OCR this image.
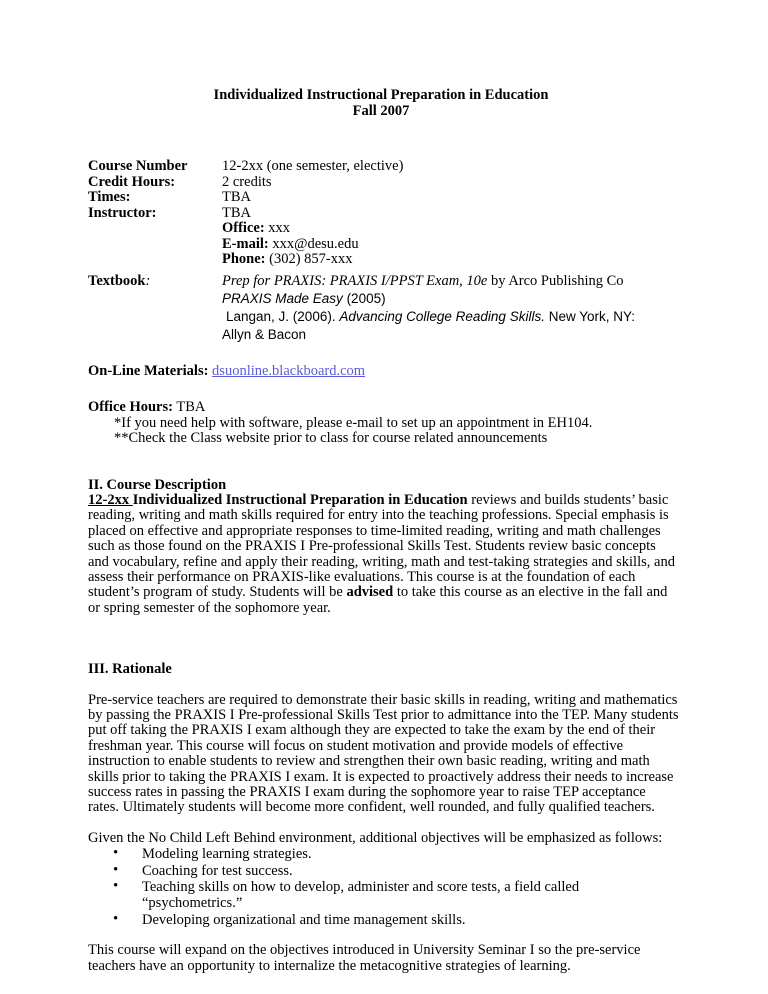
Individualized Instructional Preparation in Education
Fall 2007
Course Number	12-2xx (one semester, elective)
Credit Hours:	2 credits
Times:	TBA
Instructor:	TBA
Office: xxx
E-mail: xxx@desu.edu
Phone: (302) 857-xxx
Textbook:	Prep for PRAXIS: PRAXIS I/PPST Exam, 10e by Arco Publishing Co
PRAXIS Made Easy (2005)
Langan, J. (2006). Advancing College Reading Skills. New York, NY:
Allyn & Bacon
On-Line Materials: dsuonline.blackboard.com
Office Hours: TBA
*If you need help with software, please e-mail to set up an appointment in EH104.
**Check the Class website prior to class for course related announcements
II. Course Description
12-2xx Individualized Instructional Preparation in Education reviews and builds students’ basic reading, writing and math skills required for entry into the teaching professions. Special emphasis is placed on effective and appropriate responses to time-limited reading, writing and math challenges such as those found on the PRAXIS I Pre-professional Skills Test. Students review basic concepts and vocabulary, refine and apply their reading, writing, math and test-taking strategies and skills, and assess their performance on PRAXIS-like evaluations. This course is at the foundation of each student’s program of study. Students will be advised to take this course as an elective in the fall and or spring semester of the sophomore year.
III. Rationale
Pre-service teachers are required to demonstrate their basic skills in reading, writing and mathematics by passing the PRAXIS I Pre-professional Skills Test prior to admittance into the TEP. Many students put off taking the PRAXIS I exam although they are expected to take the exam by the end of their freshman year. This course will focus on student motivation and provide models of effective instruction to enable students to review and strengthen their own basic reading, writing and math skills prior to taking the PRAXIS I exam. It is expected to proactively address their needs to increase success rates in passing the PRAXIS I exam during the sophomore year to raise TEP acceptance rates. Ultimately students will become more confident, well rounded, and fully qualified teachers.
Given the No Child Left Behind environment, additional objectives will be emphasized as follows:
• Modeling learning strategies.
• Coaching for test success.
• Teaching skills on how to develop, administer and score tests, a field called “psychometrics.”
• Developing organizational and time management skills.
This course will expand on the objectives introduced in University Seminar I so the pre-service teachers have an opportunity to internalize the metacognitive strategies of learning.
